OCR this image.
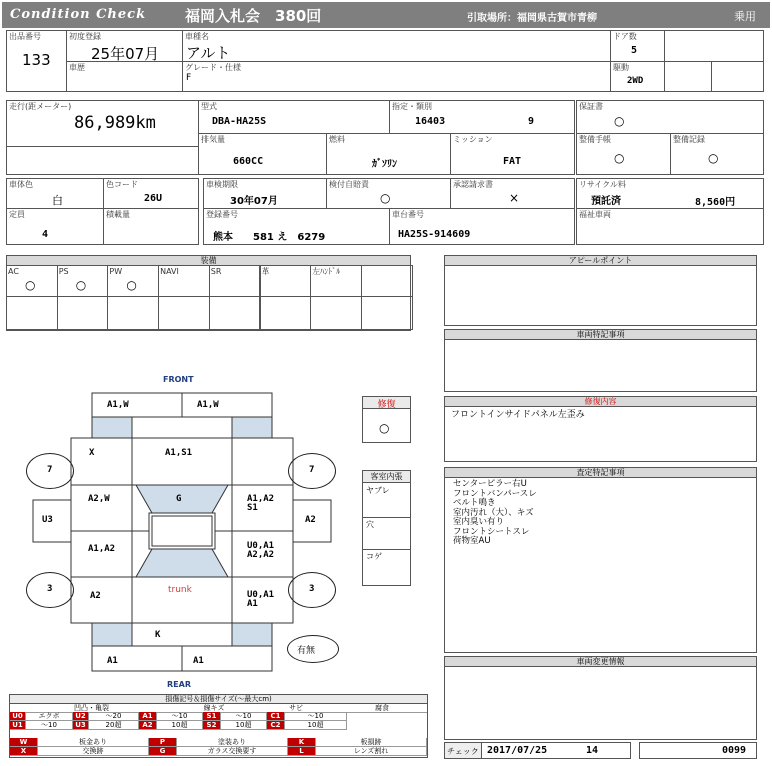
Condition Check	福岡入札会　380回	引取場所：福岡県古賀市青柳	乗用
出品番号
133
初度登録
25年07月
車歴
車種名
アルト
グレード・仕様
F
ドア数
5
駆動
2WD
走行(距メーター)
86,989km
型式
DBA-HA25S
指定・類別
16403	9
排気量
660CC
燃料
ｶﾞｿﾘﾝ
ミッション
FAT
保証書
○
整備手帳
○
整備記録
○
車体色
白
色コード
26U
定員
4
積載量
車検期限
30年07月
検付自賠責
○
承認請求書
×
登録番号
熊本　　581 え　6279
車台番号
HA25S-914609
リサイクル料
預託済	8,560円
福祉車両
装備
AC
○
PS
○
PW
○
NAVI	SR	革	左ﾊﾝﾄﾞﾙ
アピールポイント
車両特記事項
修復内容
フロントインサイドパネル左歪み
査定特記事項
センターピラー右U
フロントバンパースレ
ベルト鳴き
室内汚れ（大）、キズ
室内臭い有り
フロントシートスレ
荷物室AU
車両変更情報
チェック 2017/07/25	14	0099
FRONT
REAR
7	7
3	3
A1,W	A1,W
X	A1,S1
G
A2,W	A1,A2
S1
U3	A2
A1,A2	U0,A1
A2,A2
A2
trunk	U0,A1
A1
K
A1	A1
有無
修復
○
客室内張
ヤブレ
穴
コゲ
損傷記号＆損傷サイズ(～最大cm)
凹凸・亀裂	線キズ	サビ	腐食
U0	エクボ	U2	～20	A1	～10	S1	～10	C1	～10
U1	～10	U3	20超	A2	10超	S2	10超	C2	10超
W	板金あり	P	塗装あり	K	板損跡
X	交換跡	G	ガラス交換要す	L	レンズ割れ
